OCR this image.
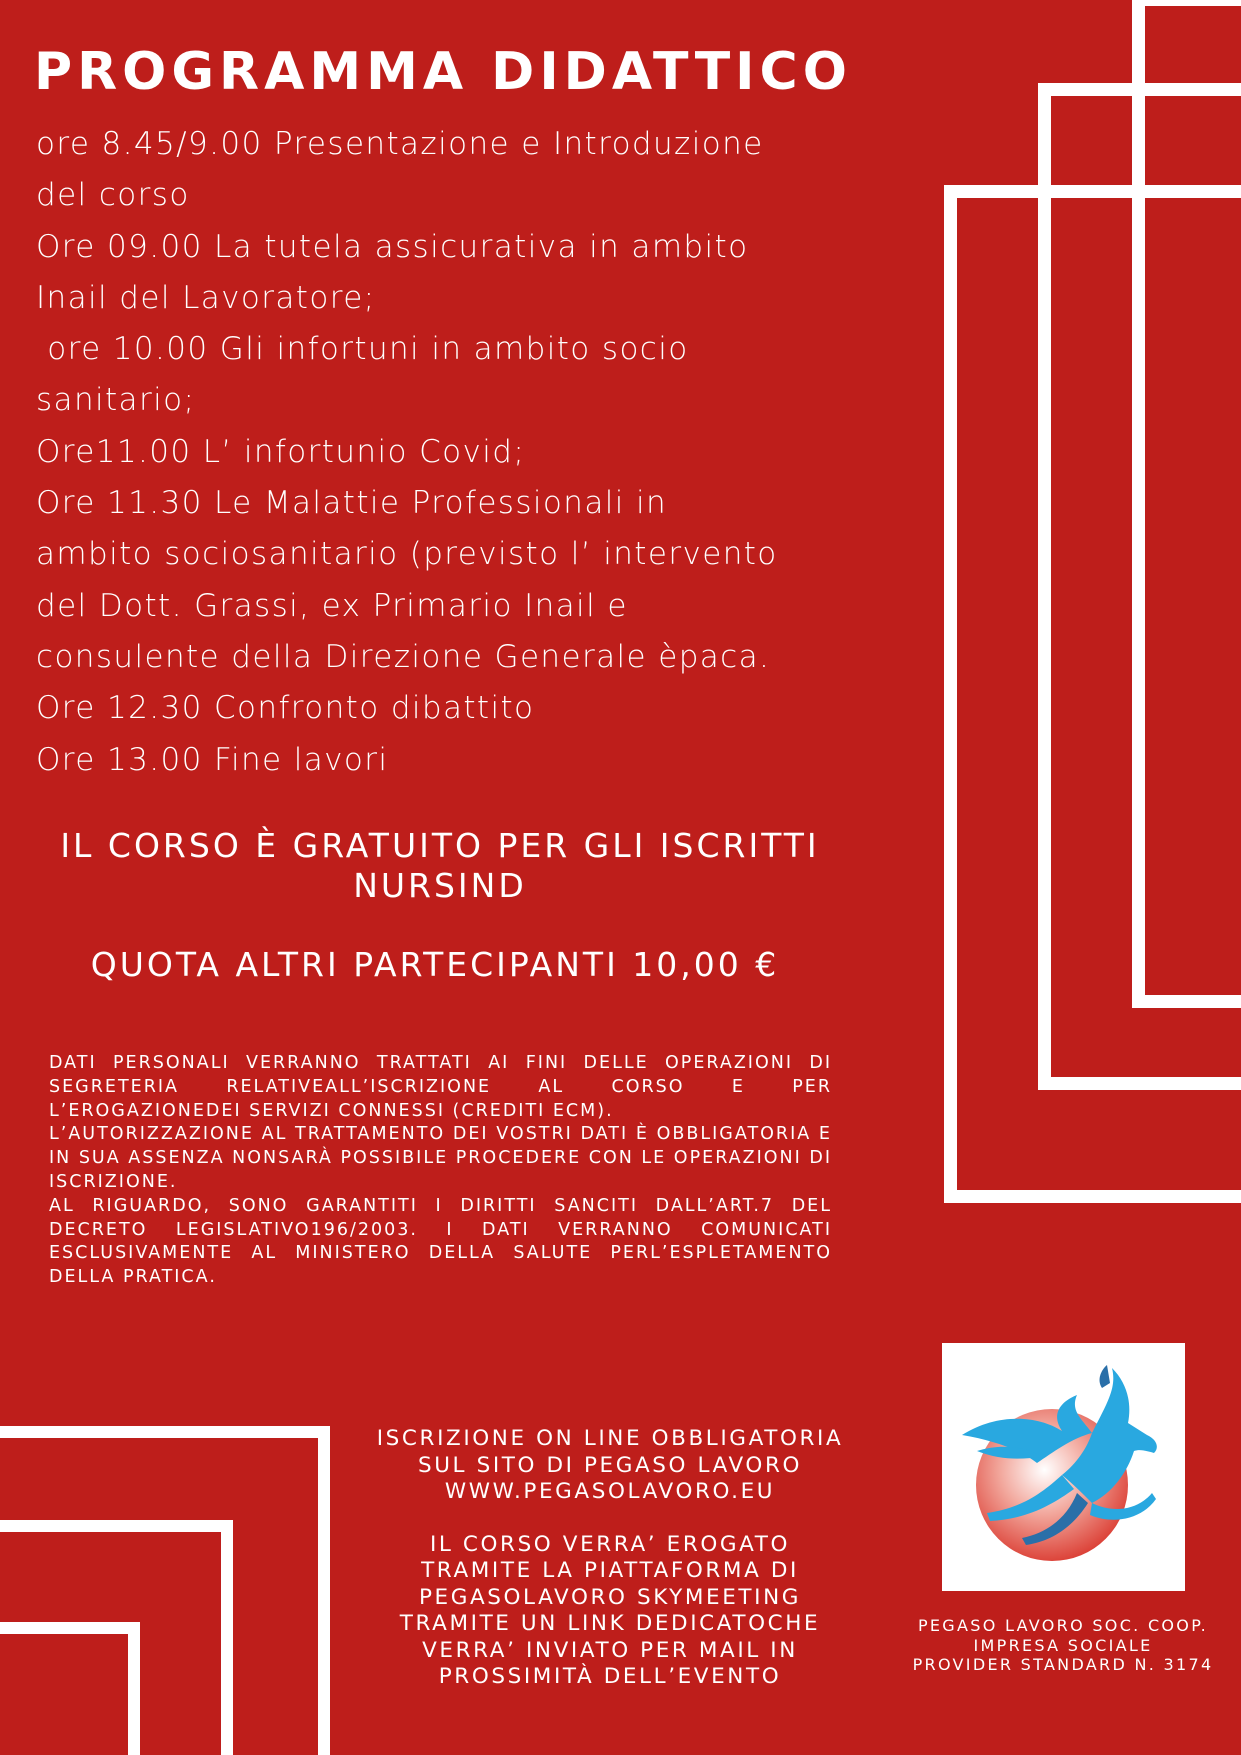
PROGRAMMA DIDATTICO
ore 8.45/9.00 Presentazione e Introduzione
del corso
Ore 09.00 La tutela assicurativa in ambito
Inail del Lavoratore;
ore 10.00 Gli infortuni in ambito socio
sanitario;
Ore11.00 L’ infortunio Covid;
Ore 11.30 Le Malattie Professionali in
ambito sociosanitario (previsto l’ intervento
del Dott. Grassi, ex Primario Inail e
consulente della Direzione Generale èpaca.
Ore 12.30 Confronto dibattito
Ore 13.00 Fine lavori

IL CORSO È GRATUITO PER GLI ISCRITTI NURSIND

QUOTA ALTRI PARTECIPANTI 10,00 €

DATI PERSONALI VERRANNO TRATTATI AI FINI DELLE OPERAZIONI DI SEGRETERIA RELATIVEALL’ISCRIZIONE AL CORSO E PER L’EROGAZIONEDEI SERVIZI CONNESSI (CREDITI ECM).

L’AUTORIZZAZIONE AL TRATTAMENTO DEI VOSTRI DATI È OBBLIGATORIA E IN SUA ASSENZA NONSARÀ POSSIBILE PROCEDERE CON LE OPERAZIONI DI ISCRIZIONE.

AL RIGUARDO, SONO GARANTITI I DIRITTI SANCITI DALL’ART.7 DEL DECRETO LEGISLATIVO196/2003. I DATI VERRANNO COMUNICATI ESCLUSIVAMENTE AL MINISTERO DELLA SALUTE PERL’ESPLETAMENTO DELLA PRATICA.

ISCRIZIONE ON LINE OBBLIGATORIA
SUL SITO DI PEGASO LAVORO
WWW.PEGASOLAVORO.EU

IL CORSO VERRA’ EROGATO
TRAMITE LA PIATTAFORMA DI
PEGASOLAVORO SKYMEETING
TRAMITE UN LINK DEDICATOCHE
VERRA’ INVIATO PER MAIL IN
PROSSIMITÀ DELL’EVENTO

PEGASO LAVORO SOC. COOP.

IMPRESA SOCIALE

PROVIDER STANDARD N. 3174
